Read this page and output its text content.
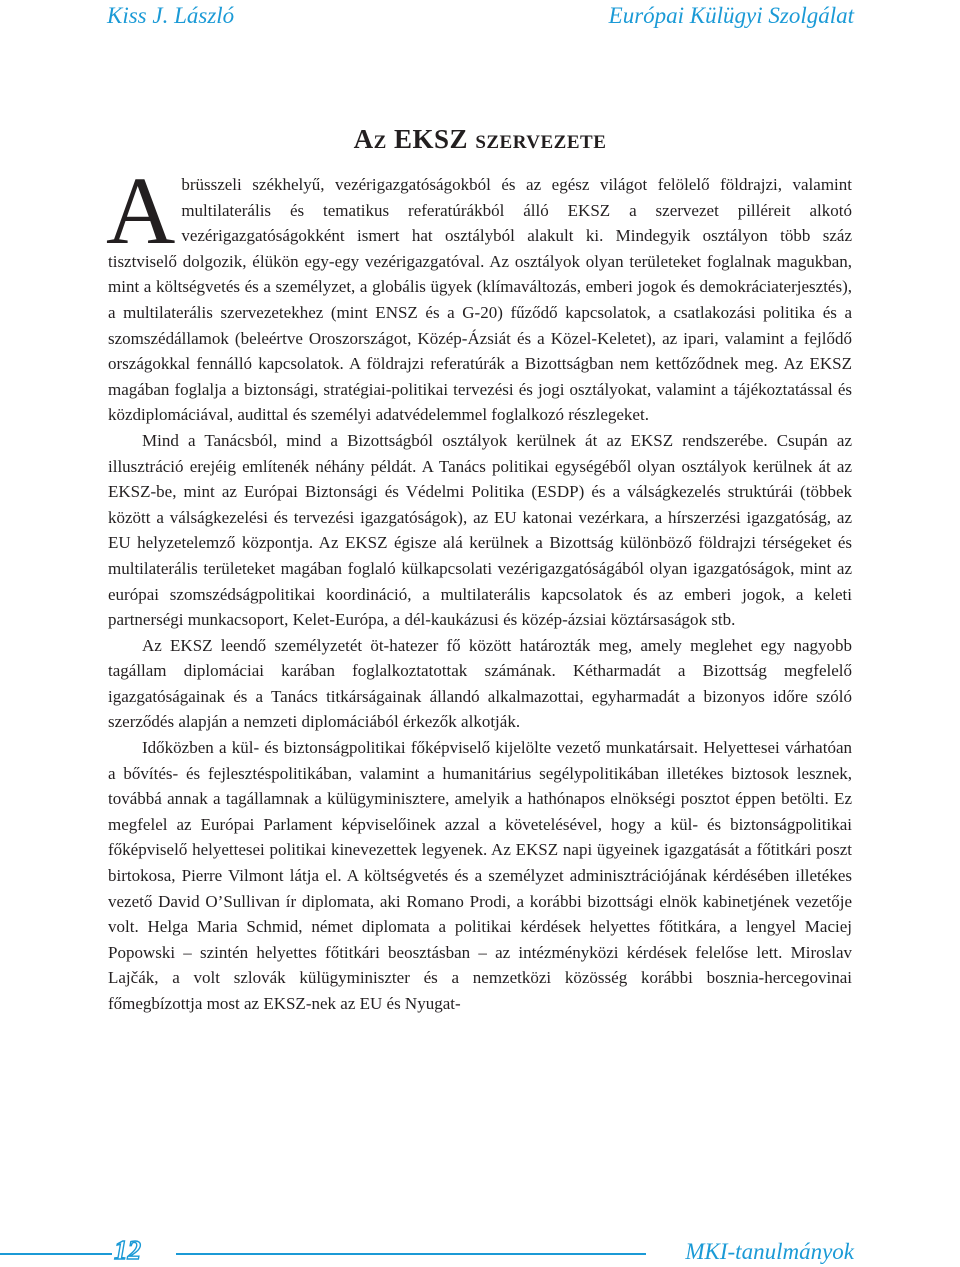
Kiss J. László	Európai Külügyi Szolgálat
Az EKSZ szervezete

Abrüsszeli székhelyű, vezérigazgatóságokból és az egész világot felölelő földrajzi, valamint multilaterális és tematikus referatúrákból álló EKSZ a szervezet pilléreit alkotó vezérigazgatóságokként ismert hat osztályból alakult ki. Mindegyik osztályon több száz tisztviselő dolgozik, élükön egy-egy vezérigazgatóval. Az osztályok olyan területeket foglalnak magukban, mint a költségvetés és a személyzet, a globális ügyek (klímaváltozás, emberi jogok és demokráciaterjesztés), a multilaterális szervezetekhez (mint ENSZ és a G-20) fűződő kapcsolatok, a csatlakozási politika és a szomszédállamok (beleértve Oroszországot, Közép-Ázsiát és a Közel-Keletet), az ipari, valamint a fejlődő országokkal fennálló kapcsolatok. A földrajzi referatúrák a Bizottságban nem kettőződnek meg. Az EKSZ magában foglalja a biztonsági, stratégiai-politikai tervezési és jogi osztályokat, valamint a tájékoztatással és közdiplomáciával, audittal és személyi adatvédelemmel foglalkozó részlegeket.

Mind a Tanácsból, mind a Bizottságból osztályok kerülnek át az EKSZ rendszerébe. Csupán az illusztráció erejéig említenék néhány példát. A Tanács politikai egységéből olyan osztályok kerülnek át az EKSZ-be, mint az Európai Biztonsági és Védelmi Politika (ESDP) és a válságkezelés struktúrái (többek között a válságkezelési és tervezési igazgatóságok), az EU katonai vezérkara, a hírszerzési igazgatóság, az EU helyzetelemző központja. Az EKSZ égisze alá kerülnek a Bizottság különböző földrajzi térségeket és multilaterális területeket magában foglaló külkapcsolati vezérigazgatóságából olyan igazgatóságok, mint az európai szomszédságpolitikai koordináció, a multilaterális kapcsolatok és az emberi jogok, a keleti partnerségi munkacsoport, Kelet-Európa, a dél-kaukázusi és közép-ázsiai köztársaságok stb.

Az EKSZ leendő személyzetét öt-hatezer fő között határozták meg, amely meglehet egy nagyobb tagállam diplomáciai karában foglalkoztatottak számának. Kétharmadát a Bizottság megfelelő igazgatóságainak és a Tanács titkárságainak állandó alkalmazottai, egyharmadát a bizonyos időre szóló szerződés alapján a nemzeti diplomáciából érkezők alkotják.

Időközben a kül- és biztonságpolitikai főképviselő kijelölte vezető munkatársait. Helyettesei várhatóan a bővítés- és fejlesztéspolitikában, valamint a humanitárius segélypolitikában illetékes biztosok lesznek, továbbá annak a tagállamnak a külügyminisztere, amelyik a hathónapos elnökségi posztot éppen betölti. Ez megfelel az Európai Parlament képviselőinek azzal a követelésével, hogy a kül- és biztonságpolitikai főképviselő helyettesei politikai kinevezettek legyenek. Az EKSZ napi ügyeinek igazgatását a főtitkári poszt birtokosa, Pierre Vilmont látja el. A költségvetés és a személyzet adminisztrációjának kérdésében illetékes vezető David O’Sullivan ír diplomata, aki Romano Prodi, a korábbi bizottsági elnök kabinetjének vezetője volt. Helga Maria Schmid, német diplomata a politikai kérdések helyettes főtitkára, a lengyel Maciej Popowski – szintén helyettes főtitkári beosztásban – az intézményközi kérdések felelőse lett. Miroslav Lajčák, a volt szlovák külügyminiszter és a nemzetközi közösség korábbi bosznia-hercegovinai főmegbízottja most az EKSZ-nek az EU és Nyugat-

12	MKI-tanulmányok
